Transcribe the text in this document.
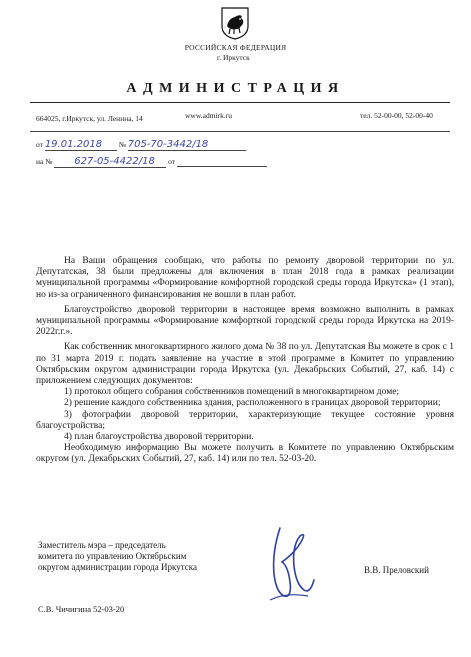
РОССИЙСКАЯ ФЕДЕРАЦИЯ
г. Иркутск
АДМИНИСТРАЦИЯ
664025, г.Иркутск, ул. Ленина, 14	www.admirk.ru	тел. 52-00-00, 52-00-40
от 19.01.2018 № 705-70-3442/18
на № 627-05-4422/18 от

На Ваши обращения сообщаю, что работы по ремонту дворовой территории по ул. Депутатская, 38 были предложены для включения в план 2018 года в рамках реализации муниципальной программы «Формирование комфортной городской среды города Иркутска» (1 этап), но из-за ограниченного финансирования не вошли в план работ.

Благоустройство дворовой территории в настоящее время возможно выполнить в рамках муниципальной программы «Формирование комфортной городской среды города Иркутска на 2019-2022г.г.».

Как собственник многоквартирного жилого дома № 38 по ул. Депутатская Вы можете в срок с 1 по 31 марта 2019 г. подать заявление на участие в этой программе в Комитет по управлению Октябрьским округом администрации города Иркутска (ул. Декабрьских Событий, 27, каб. 14) с приложением следующих документов:

1) протокол общего собрания собственников помещений в многоквартирном доме;

2) решение каждого собственника здания, расположенного в границах дворовой территории;

3) фотографии дворовой территории, характеризующие текущее состояние уровня благоустройства;

4) план благоустройства дворовой территории.

Необходимую информацию Вы можете получить в Комитете по управлению Октябрьским округом (ул. Декабрьских Событий, 27, каб. 14) или по тел. 52-03-20.

Заместитель мэра – председатель
комитета по управлению Октябрьским
округом администрации города Иркутска	В.В. Преловский
С.В. Чичигина 52-03-20
